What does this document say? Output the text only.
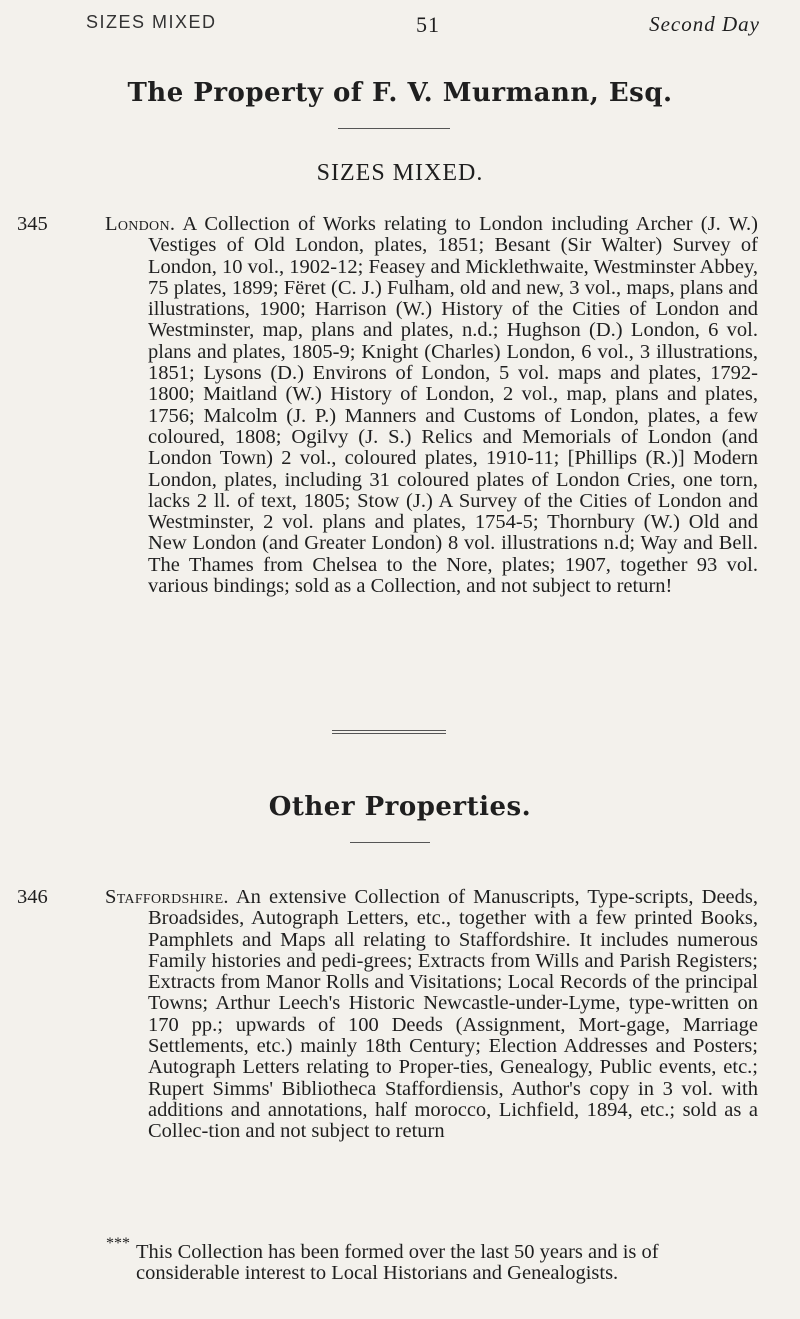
SIZES MIXED	51	Second Day
The Property of F. V. Murmann, Esq.
SIZES MIXED.
345	London. A Collection of Works relating to London including Archer (J. W.) Vestiges of Old London, plates, 1851; Besant (Sir Walter) Survey of London, 10 vol., 1902-12; Feasey and Micklethwaite, Westminster Abbey, 75 plates, 1899; Fëret (C. J.) Fulham, old and new, 3 vol., maps, plans and illustrations, 1900; Harrison (W.) History of the Cities of London and Westminster, map, plans and plates, n.d.; Hughson (D.) London, 6 vol. plans and plates, 1805-9; Knight (Charles) London, 6 vol., 3 illustrations, 1851; Lysons (D.) Environs of London, 5 vol. maps and plates, 1792-1800; Maitland (W.) History of London, 2 vol., map, plans and plates, 1756; Malcolm (J. P.) Manners and Customs of London, plates, a few coloured, 1808; Ogilvy (J. S.) Relics and Memorials of London (and London Town) 2 vol., coloured plates, 1910-11; [Phillips (R.)] Modern London, plates, including 31 coloured plates of London Cries, one torn, lacks 2 ll. of text, 1805; Stow (J.) A Survey of the Cities of London and Westminster, 2 vol. plans and plates, 1754-5; Thornbury (W.) Old and New London (and Greater London) 8 vol. illustrations n.d; Way and Bell. The Thames from Chelsea to the Nore, plates; 1907, together 93 vol. various bindings; sold as a Collection, and not subject to return!

Other Properties.
346	Staffordshire. An extensive Collection of Manuscripts, Type-scripts, Deeds, Broadsides, Autograph Letters, etc., together with a few printed Books, Pamphlets and Maps all relating to Staffordshire. It includes numerous Family histories and pedi-grees; Extracts from Wills and Parish Registers; Extracts from Manor Rolls and Visitations; Local Records of the principal Towns; Arthur Leech's Historic Newcastle-under-Lyme, type-written on 170 pp.; upwards of 100 Deeds (Assignment, Mort-gage, Marriage Settlements, etc.) mainly 18th Century; Election Addresses and Posters; Autograph Letters relating to Proper-ties, Genealogy, Public events, etc.; Rupert Simms' Bibliotheca Staffordiensis, Author's copy in 3 vol. with additions and annotations, half morocco, Lichfield, 1894, etc.; sold as a Collec-tion and not subject to return

*** This Collection has been formed over the last 50 years and is of considerable interest to Local Historians and Genealogists.
